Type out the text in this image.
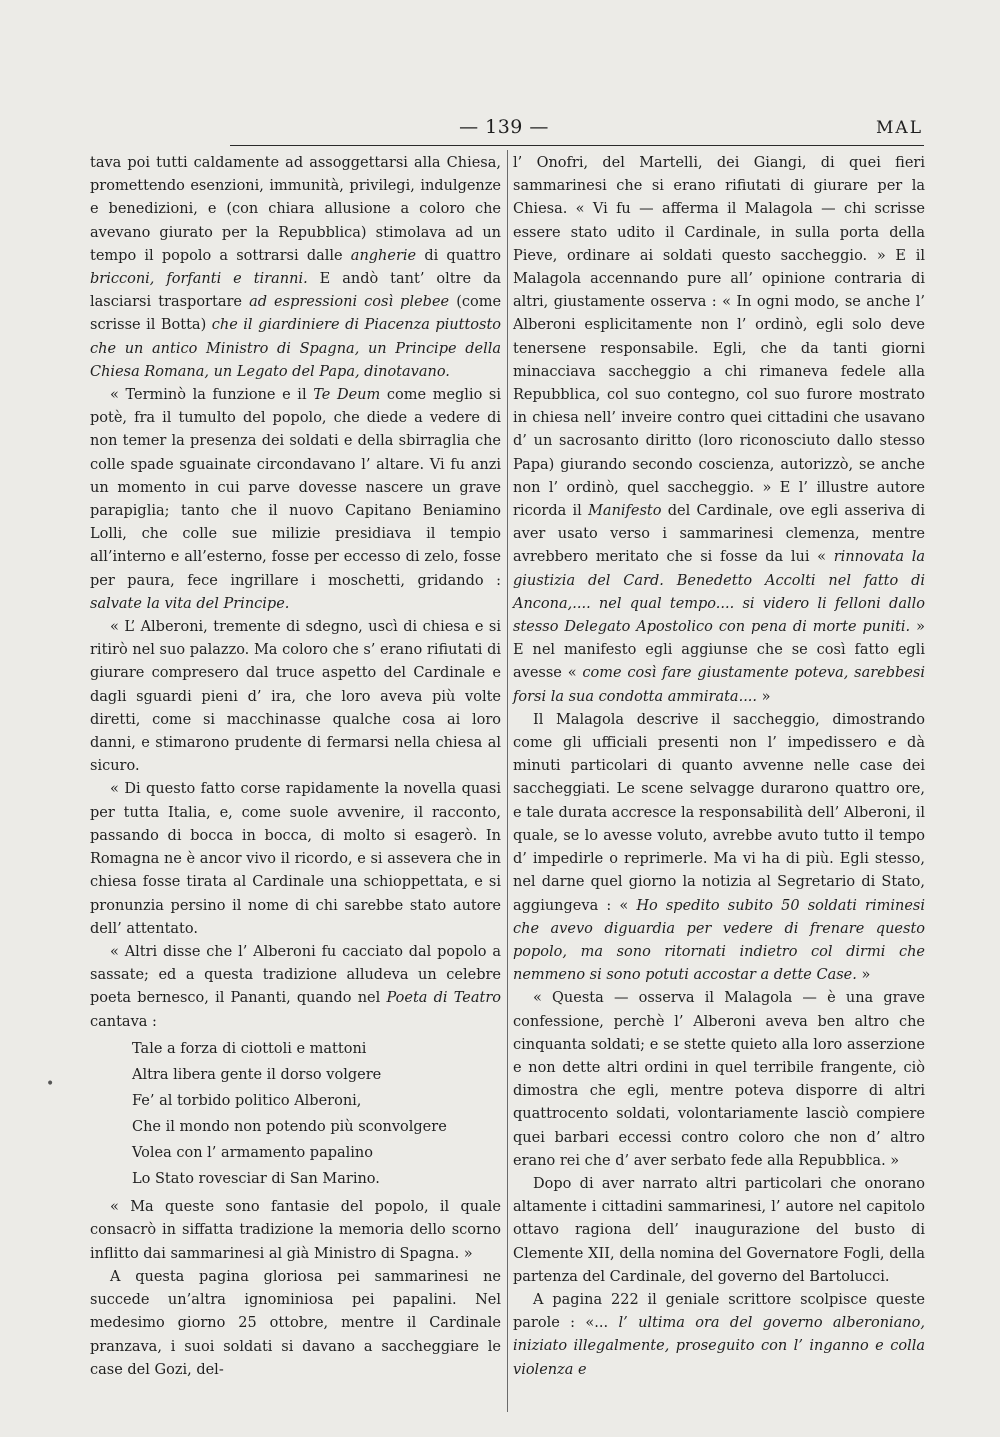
— 139 —	MAL

tava poi tutti caldamente ad assoggettarsi alla Chiesa, promettendo esenzioni, immunità, privilegi, indulgenze e benedizioni, e (con chiara allusione a coloro che avevano giurato per la Repubblica) stimolava ad un tempo il popolo a sottrarsi dalle angherie di quattro bricconi, forfanti e tiranni. E andò tant’ oltre da lasciarsi trasportare ad espressioni così plebee (come scrisse il Botta) che il giardiniere di Piacenza piuttosto che un antico Ministro di Spagna, un Principe della Chiesa Romana, un Legato del Papa, dinotavano.

« Terminò la funzione e il Te Deum come meglio si potè, fra il tumulto del popolo, che diede a vedere di non temer la presenza dei soldati e della sbirraglia che colle spade sguainate circondavano l’ altare. Vi fu anzi un momento in cui parve dovesse nascere un grave parapiglia; tanto che il nuovo Capitano Beniamino Lolli, che colle sue milizie presidiava il tempio all’interno e all’esterno, fosse per eccesso di zelo, fosse per paura, fece ingrillare i moschetti, gridando : salvate la vita del Principe.

« L’ Alberoni, tremente di sdegno, uscì di chiesa e si ritirò nel suo palazzo. Ma coloro che s’ erano rifiutati di giurare compresero dal truce aspetto del Cardinale e dagli sguardi pieni d’ ira, che loro aveva più volte diretti, come si macchinasse qualche cosa ai loro danni, e stimarono prudente di fermarsi nella chiesa al sicuro.

« Di questo fatto corse rapidamente la novella quasi per tutta Italia, e, come suole avvenire, il racconto, passando di bocca in bocca, di molto si esagerò. In Romagna ne è ancor vivo il ricordo, e si assevera che in chiesa fosse tirata al Cardinale una schioppettata, e si pronunzia persino il nome di chi sarebbe stato autore dell’ attentato.

« Altri disse che l’ Alberoni fu cacciato dal popolo a sassate; ed a questa tradizione alludeva un celebre poeta bernesco, il Pananti, quando nel Poeta di Teatro cantava :

Tale a forza di ciottoli e mattoni
Altra libera gente il dorso volgere
Fe’ al torbido politico Alberoni,
Che il mondo non potendo più sconvolgere
Volea con l’ armamento papalino
Lo Stato rovesciar di San Marino.

« Ma queste sono fantasie del popolo, il quale consacrò in siffatta tradizione la memoria dello scorno inflitto dai sammarinesi al già Ministro di Spagna. »

A questa pagina gloriosa pei sammarinesi ne succede un’altra ignominiosa pei papalini. Nel medesimo giorno 25 ottobre, mentre il Cardinale pranzava, i suoi soldati si davano a saccheggiare le case del Gozi, del-

l’ Onofri, del Martelli, dei Giangi, di quei fieri sammarinesi che si erano rifiutati di giurare per la Chiesa. « Vi fu — afferma il Malagola — chi scrisse essere stato udito il Cardinale, in sulla porta della Pieve, ordinare ai soldati questo saccheggio. » E il Malagola accennando pure all’ opinione contraria di altri, giustamente osserva : « In ogni modo, se anche l’ Alberoni esplicitamente non l’ ordinò, egli solo deve tenersene responsabile. Egli, che da tanti giorni minacciava saccheggio a chi rimaneva fedele alla Repubblica, col suo contegno, col suo furore mostrato in chiesa nell’ inveire contro quei cittadini che usavano d’ un sacrosanto diritto (loro riconosciuto dallo stesso Papa) giurando secondo coscienza, autorizzò, se anche non l’ ordinò, quel saccheggio. » E l’ illustre autore ricorda il Manifesto del Cardinale, ove egli asseriva di aver usato verso i sammarinesi clemenza, mentre avrebbero meritato che si fosse da lui « rinnovata la giustizia del Card. Benedetto Accolti nel fatto di Ancona,.... nel qual tempo.... si videro li felloni dallo stesso Delegato Apostolico con pena di morte puniti. » E nel manifesto egli aggiunse che se così fatto egli avesse « come così fare giustamente poteva, sarebbesi forsi la sua condotta ammirata.... »

Il Malagola descrive il saccheggio, dimostrando come gli ufficiali presenti non l’ impedissero e dà minuti particolari di quanto avvenne nelle case dei saccheggiati. Le scene selvagge durarono quattro ore, e tale durata accresce la responsabilità dell’ Alberoni, il quale, se lo avesse voluto, avrebbe avuto tutto il tempo d’ impedirle o reprimerle. Ma vi ha di più. Egli stesso, nel darne quel giorno la notizia al Segretario di Stato, aggiungeva : « Ho spedito subito 50 soldati riminesi che avevo diguardia per vedere di frenare questo popolo, ma sono ritornati indietro col dirmi che nemmeno si sono potuti accostar a dette Case. »

« Questa — osserva il Malagola — è una grave confessione, perchè l’ Alberoni aveva ben altro che cinquanta soldati; e se stette quieto alla loro asserzione e non dette altri ordini in quel terribile frangente, ciò dimostra che egli, mentre poteva disporre di altri quattrocento soldati, volontariamente lasciò compiere quei barbari eccessi contro coloro che non d’ altro erano rei che d’ aver serbato fede alla Repubblica. »

Dopo di aver narrato altri particolari che onorano altamente i cittadini sammarinesi, l’ autore nel capitolo ottavo ragiona dell’ inaugurazione del busto di Clemente XII, della nomina del Governatore Fogli, della partenza del Cardinale, del governo del Bartolucci.

A pagina 222 il geniale scrittore scolpisce queste parole : «... l’ ultima ora del governo alberoniano, iniziato illegalmente, proseguito con l’ inganno e colla violenza e

•
